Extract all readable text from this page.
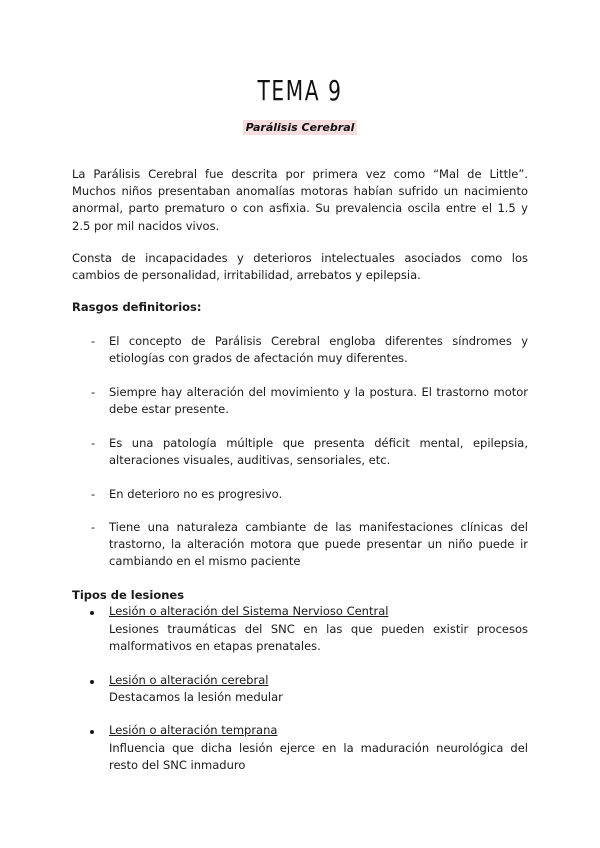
TEMA 9
Parálisis Cerebral
La Parálisis Cerebral fue descrita por primera vez como “Mal de Little”. Muchos niños presentaban anomalías motoras habían sufrido un nacimiento anormal, parto prematuro o con asfixia. Su prevalencia oscila entre el 1.5 y 2.5 por mil nacidos vivos.
Consta de incapacidades y deterioros intelectuales asociados como los cambios de personalidad, irritabilidad, arrebatos y epilepsia.
Rasgos definitorios:
- El concepto de Parálisis Cerebral engloba diferentes síndromes y etiologías con grados de afectación muy diferentes.
- Siempre hay alteración del movimiento y la postura. El trastorno motor debe estar presente.
- Es una patología múltiple que presenta déficit mental, epilepsia, alteraciones visuales, auditivas, sensoriales, etc.
- En deterioro no es progresivo.
- Tiene una naturaleza cambiante de las manifestaciones clínicas del trastorno, la alteración motora que puede presentar un niño puede ir cambiando en el mismo paciente
Tipos de lesiones
Lesión o alteración del Sistema Nervioso Central
Lesiones traumáticas del SNC en las que pueden existir procesos malformativos en etapas prenatales.
Lesión o alteración cerebral
Destacamos la lesión medular
Lesión o alteración temprana
Influencia que dicha lesión ejerce en la maduración neurológica del resto del SNC inmaduro
